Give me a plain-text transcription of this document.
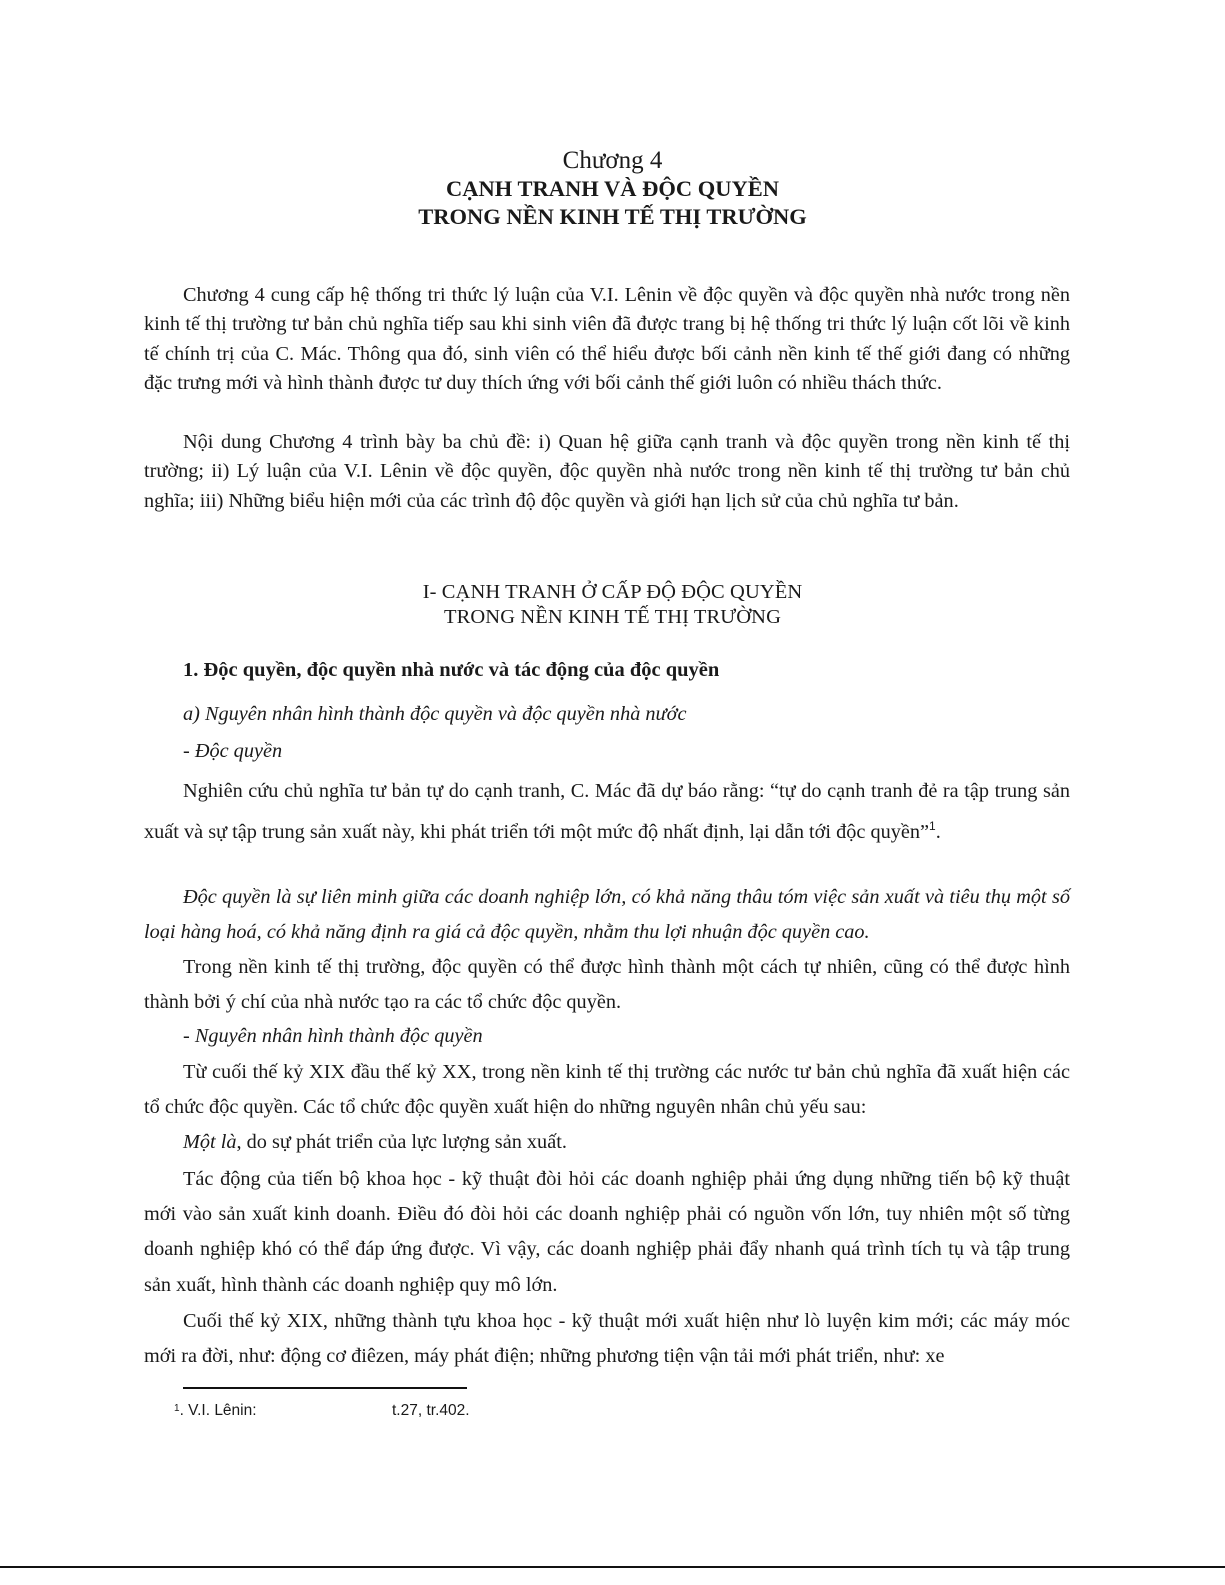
Chương 4
CẠNH TRANH VÀ ĐỘC QUYỀN
TRONG NỀN KINH TẾ THỊ TRƯỜNG

Chương 4 cung cấp hệ thống tri thức lý luận của V.I. Lênin về độc quyền và độc quyền nhà nước trong nền kinh tế thị trường tư bản chủ nghĩa tiếp sau khi sinh viên đã được trang bị hệ thống tri thức lý luận cốt lõi về kinh tế chính trị của C. Mác. Thông qua đó, sinh viên có thể hiểu được bối cảnh nền kinh tế thế giới đang có những đặc trưng mới và hình thành được tư duy thích ứng với bối cảnh thế giới luôn có nhiều thách thức.

Nội dung Chương 4 trình bày ba chủ đề: i) Quan hệ giữa cạnh tranh và độc quyền trong nền kinh tế thị trường; ii) Lý luận của V.I. Lênin về độc quyền, độc quyền nhà nước trong nền kinh tế thị trường tư bản chủ nghĩa; iii) Những biểu hiện mới của các trình độ độc quyền và giới hạn lịch sử của chủ nghĩa tư bản.

I- CẠNH TRANH Ở CẤP ĐỘ ĐỘC QUYỀN
TRONG NỀN KINH TẾ THỊ TRƯỜNG
1. Độc quyền, độc quyền nhà nước và tác động của độc quyền
a) Nguyên nhân hình thành độc quyền và độc quyền nhà nước
- Độc quyền

Nghiên cứu chủ nghĩa tư bản tự do cạnh tranh, C. Mác đã dự báo rằng: “tự do cạnh tranh đẻ ra tập trung sản xuất và sự tập trung sản xuất này, khi phát triển tới một mức độ nhất định, lại dẫn tới độc quyền”$^1$.

Độc quyền là sự liên minh giữa các doanh nghiệp lớn, có khả năng thâu tóm việc sản xuất và tiêu thụ một số loại hàng hoá, có khả năng định ra giá cả độc quyền, nhằm thu lợi nhuận độc quyền cao.

Trong nền kinh tế thị trường, độc quyền có thể được hình thành một cách tự nhiên, cũng có thể được hình thành bởi ý chí của nhà nước tạo ra các tổ chức độc quyền.

- Nguyên nhân hình thành độc quyền

Từ cuối thế kỷ XIX đầu thế kỷ XX, trong nền kinh tế thị trường các nước tư bản chủ nghĩa đã xuất hiện các tổ chức độc quyền. Các tổ chức độc quyền xuất hiện do những nguyên nhân chủ yếu sau:

Một là, do sự phát triển của lực lượng sản xuất.

Tác động của tiến bộ khoa học - kỹ thuật đòi hỏi các doanh nghiệp phải ứng dụng những tiến bộ kỹ thuật mới vào sản xuất kinh doanh. Điều đó đòi hỏi các doanh nghiệp phải có nguồn vốn lớn, tuy nhiên một số từng doanh nghiệp khó có thể đáp ứng được. Vì vậy, các doanh nghiệp phải đẩy nhanh quá trình tích tụ và tập trung sản xuất, hình thành các doanh nghiệp quy mô lớn.

Cuối thế kỷ XIX, những thành tựu khoa học - kỹ thuật mới xuất hiện như lò luyện kim mới; các máy móc mới ra đời, như: động cơ điêzen, máy phát điện; những phương tiện vận tải mới phát triển, như: xe

$^1$. V.I. Lênin:	t.27, tr.402.
